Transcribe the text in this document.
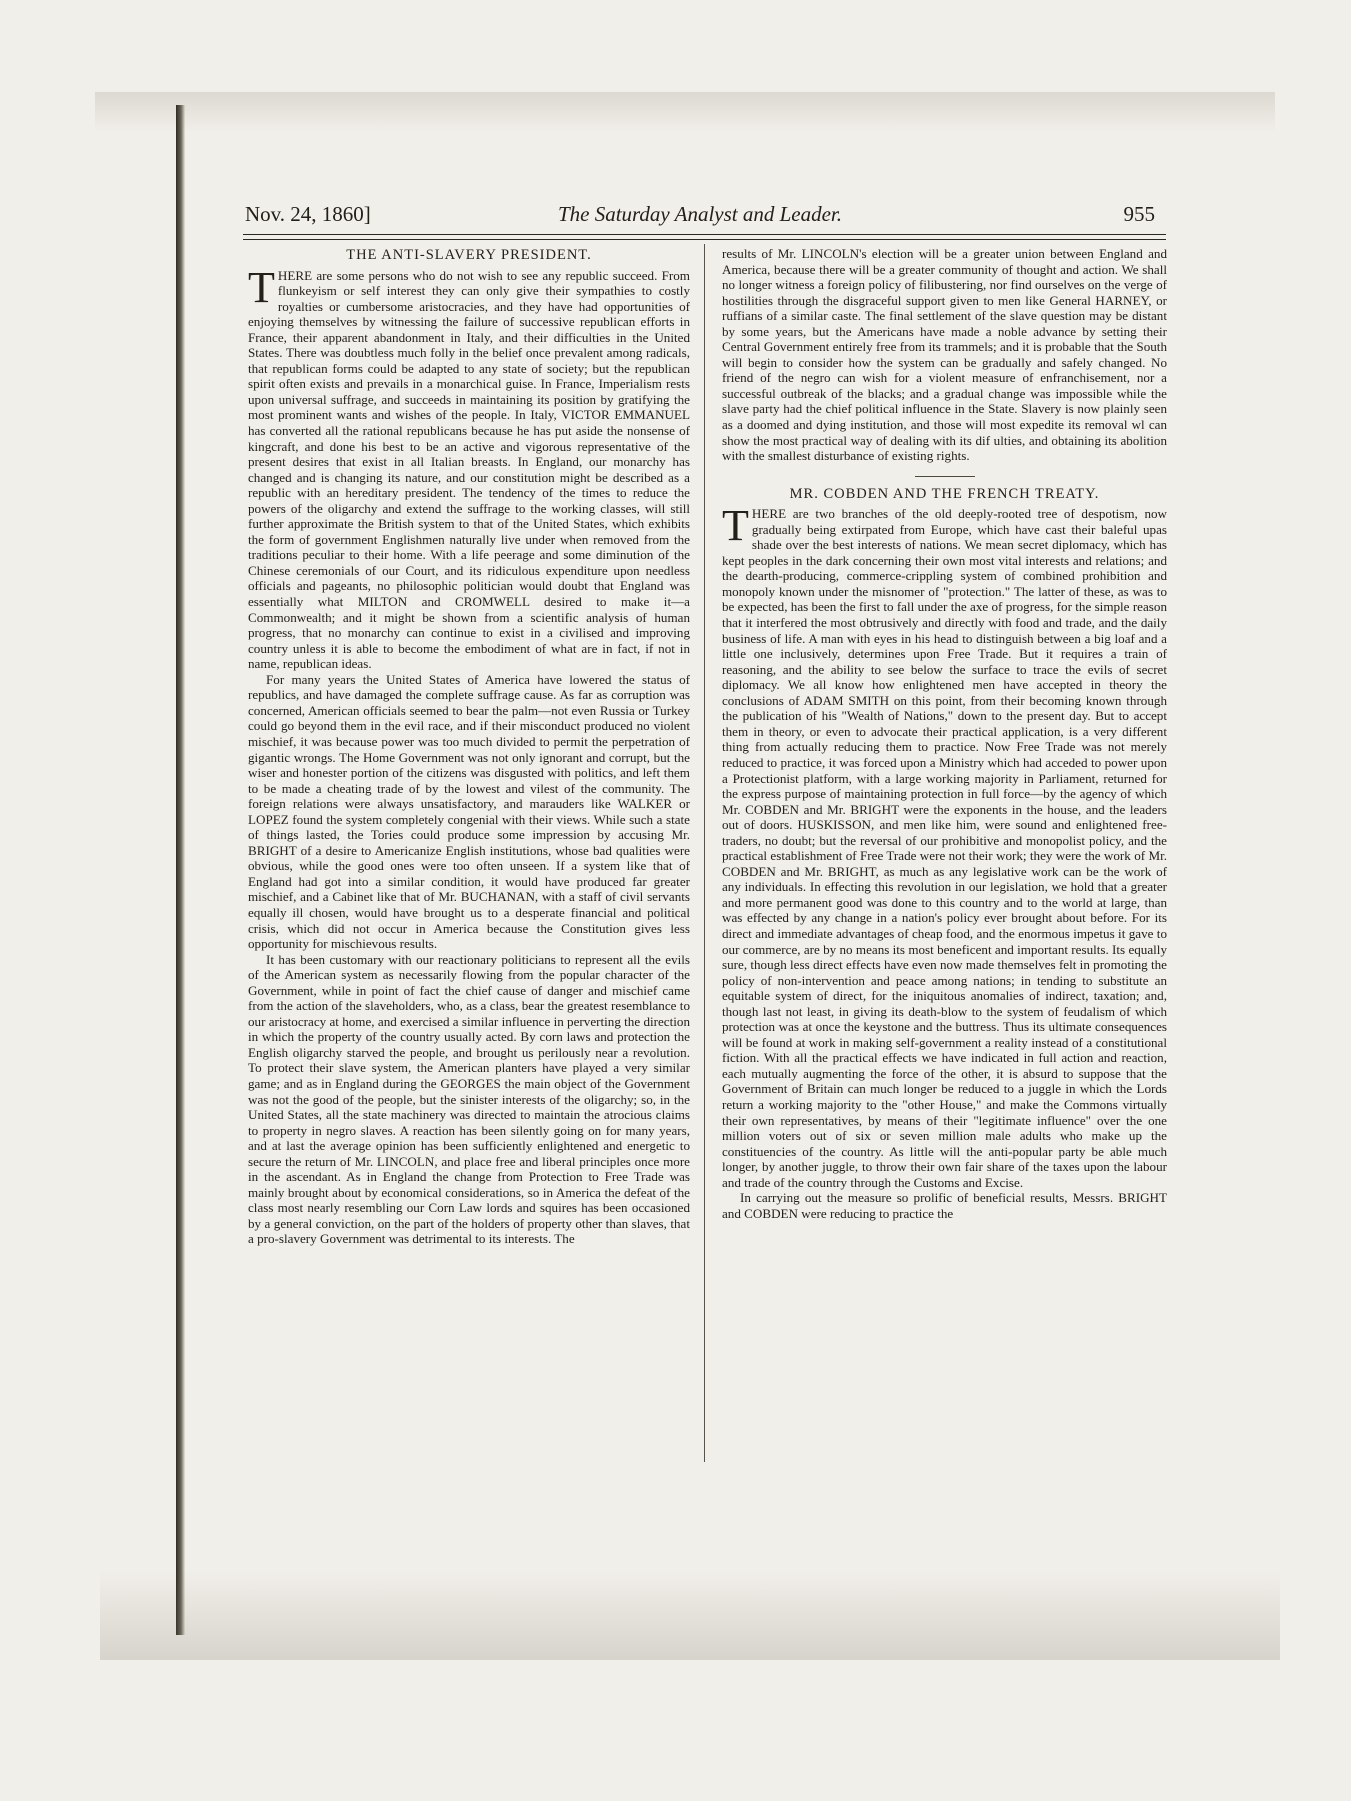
The Saturday Analyst and Leader.
Nov. 24, 1860]	955
THE ANTI-SLAVERY PRESIDENT.

THERE are some persons who do not wish to see any republic succeed. From flunkeyism or self interest they can only give their sympathies to costly royalties or cumbersome aristocracies, and they have had opportunities of enjoying themselves by witnessing the failure of successive republican efforts in France, their apparent abandonment in Italy, and their difficulties in the United States. There was doubtless much folly in the belief once prevalent among radicals, that republican forms could be adapted to any state of society; but the republican spirit often exists and prevails in a monarchical guise. In France, Imperialism rests upon universal suffrage, and succeeds in maintaining its position by gratifying the most prominent wants and wishes of the people. In Italy, VICTOR EMMANUEL has converted all the rational republicans because he has put aside the nonsense of kingcraft, and done his best to be an active and vigorous representative of the present desires that exist in all Italian breasts. In England, our monarchy has changed and is changing its nature, and our constitution might be described as a republic with an hereditary president. The tendency of the times to reduce the powers of the oligarchy and extend the suffrage to the working classes, will still further approximate the British system to that of the United States, which exhibits the form of government Englishmen naturally live under when removed from the traditions peculiar to their home. With a life peerage and some diminution of the Chinese ceremonials of our Court, and its ridiculous expenditure upon needless officials and pageants, no philosophic politician would doubt that England was essentially what MILTON and CROMWELL desired to make it—a Commonwealth; and it might be shown from a scientific analysis of human progress, that no monarchy can continue to exist in a civilised and improving country unless it is able to become the embodiment of what are in fact, if not in name, republican ideas.

For many years the United States of America have lowered the status of republics, and have damaged the complete suffrage cause. As far as corruption was concerned, American officials seemed to bear the palm—not even Russia or Turkey could go beyond them in the evil race, and if their misconduct produced no violent mischief, it was because power was too much divided to permit the perpetration of gigantic wrongs. The Home Government was not only ignorant and corrupt, but the wiser and honester portion of the citizens was disgusted with politics, and left them to be made a cheating trade of by the lowest and vilest of the community. The foreign relations were always unsatisfactory, and marauders like WALKER or LOPEZ found the system completely congenial with their views. While such a state of things lasted, the Tories could produce some impression by accusing Mr. BRIGHT of a desire to Americanize English institutions, whose bad qualities were obvious, while the good ones were too often unseen. If a system like that of England had got into a similar condition, it would have produced far greater mischief, and a Cabinet like that of Mr. BUCHANAN, with a staff of civil servants equally ill chosen, would have brought us to a desperate financial and political crisis, which did not occur in America because the Constitution gives less opportunity for mischievous results.

It has been customary with our reactionary politicians to represent all the evils of the American system as necessarily flowing from the popular character of the Government, while in point of fact the chief cause of danger and mischief came from the action of the slaveholders, who, as a class, bear the greatest resemblance to our aristocracy at home, and exercised a similar influence in perverting the direction in which the property of the country usually acted. By corn laws and protection the English oligarchy starved the people, and brought us perilously near a revolution. To protect their slave system, the American planters have played a very similar game; and as in England during the GEORGES the main object of the Government was not the good of the people, but the sinister interests of the oligarchy; so, in the United States, all the state machinery was directed to maintain the atrocious claims to property in negro slaves. A reaction has been silently going on for many years, and at last the average opinion has been sufficiently enlightened and energetic to secure the return of Mr. LINCOLN, and place free and liberal principles once more in the ascendant. As in England the change from Protection to Free Trade was mainly brought about by economical considerations, so in America the defeat of the class most nearly resembling our Corn Law lords and squires has been occasioned by a general conviction, on the part of the holders of property other than slaves, that a pro-slavery Government was detrimental to its interests. The

results of Mr. LINCOLN's election will be a greater union between England and America, because there will be a greater community of thought and action. We shall no longer witness a foreign policy of filibustering, nor find ourselves on the verge of hostilities through the disgraceful support given to men like General HARNEY, or ruffians of a similar caste. The final settlement of the slave question may be distant by some years, but the Americans have made a noble advance by setting their Central Government entirely free from its trammels; and it is probable that the South will begin to consider how the system can be gradually and safely changed. No friend of the negro can wish for a violent measure of enfranchisement, nor a successful outbreak of the blacks; and a gradual change was impossible while the slave party had the chief political influence in the State. Slavery is now plainly seen as a doomed and dying institution, and those will most expedite its removal wl can show the most practical way of dealing with its dif ulties, and obtaining its abolition with the smallest disturbance of existing rights.

MR. COBDEN AND THE FRENCH TREATY.

THERE are two branches of the old deeply-rooted tree of despotism, now gradually being extirpated from Europe, which have cast their baleful upas shade over the best interests of nations. We mean secret diplomacy, which has kept peoples in the dark concerning their own most vital interests and relations; and the dearth-producing, commerce-crippling system of combined prohibition and monopoly known under the misnomer of "protection." The latter of these, as was to be expected, has been the first to fall under the axe of progress, for the simple reason that it interfered the most obtrusively and directly with food and trade, and the daily business of life. A man with eyes in his head to distinguish between a big loaf and a little one inclusively, determines upon Free Trade. But it requires a train of reasoning, and the ability to see below the surface to trace the evils of secret diplomacy. We all know how enlightened men have accepted in theory the conclusions of ADAM SMITH on this point, from their becoming known through the publication of his "Wealth of Nations," down to the present day. But to accept them in theory, or even to advocate their practical application, is a very different thing from actually reducing them to practice. Now Free Trade was not merely reduced to practice, it was forced upon a Ministry which had acceded to power upon a Protectionist platform, with a large working majority in Parliament, returned for the express purpose of maintaining protection in full force—by the agency of which Mr. COBDEN and Mr. BRIGHT were the exponents in the house, and the leaders out of doors. HUSKISSON, and men like him, were sound and enlightened free-traders, no doubt; but the reversal of our prohibitive and monopolist policy, and the practical establishment of Free Trade were not their work; they were the work of Mr. COBDEN and Mr. BRIGHT, as much as any legislative work can be the work of any individuals. In effecting this revolution in our legislation, we hold that a greater and more permanent good was done to this country and to the world at large, than was effected by any change in a nation's policy ever brought about before. For its direct and immediate advantages of cheap food, and the enormous impetus it gave to our commerce, are by no means its most beneficent and important results. Its equally sure, though less direct effects have even now made themselves felt in promoting the policy of non-intervention and peace among nations; in tending to substitute an equitable system of direct, for the iniquitous anomalies of indirect, taxation; and, though last not least, in giving its death-blow to the system of feudalism of which protection was at once the keystone and the buttress. Thus its ultimate consequences will be found at work in making self-government a reality instead of a constitutional fiction. With all the practical effects we have indicated in full action and reaction, each mutually augmenting the force of the other, it is absurd to suppose that the Government of Britain can much longer be reduced to a juggle in which the Lords return a working majority to the "other House," and make the Commons virtually their own representatives, by means of their "legitimate influence" over the one million voters out of six or seven million male adults who make up the constituencies of the country. As little will the anti-popular party be able much longer, by another juggle, to throw their own fair share of the taxes upon the labour and trade of the country through the Customs and Excise.

In carrying out the measure so prolific of beneficial results, Messrs. BRIGHT and COBDEN were reducing to practice the
